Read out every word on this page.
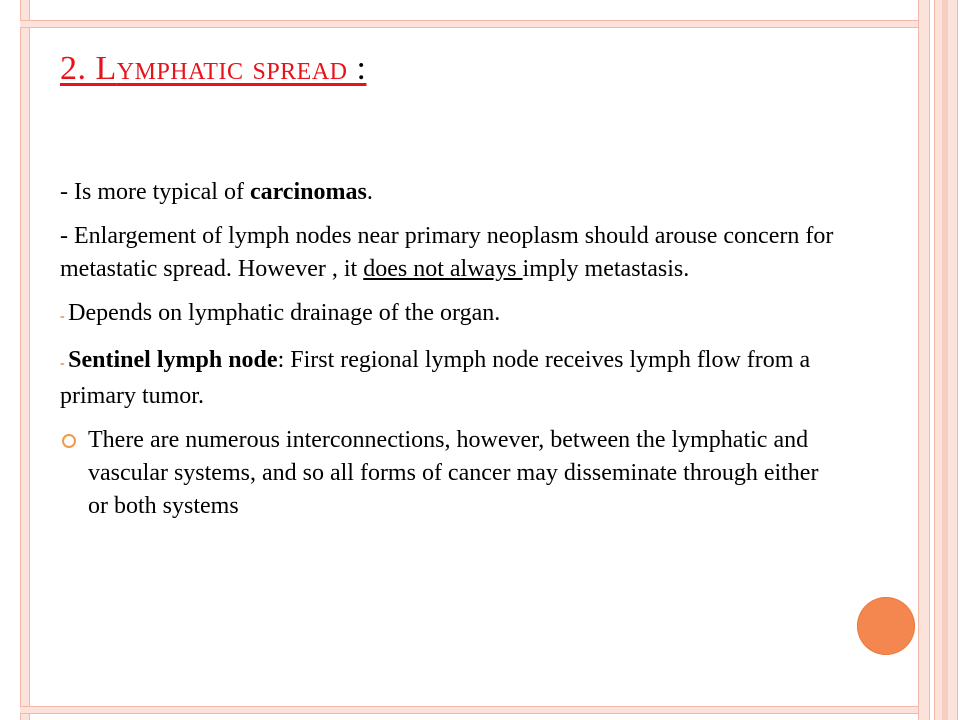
2. Lymphatic spread :

- Is more typical of carcinomas.

- Enlargement of lymph nodes near primary neoplasm should arouse concern for metastatic spread. However , it does not always imply metastasis.

- Depends on lymphatic drainage of the organ.

- Sentinel lymph node: First regional lymph node receives lymph flow from a primary tumor.

There are numerous interconnections, however, between the lymphatic and vascular systems, and so all forms of cancer may disseminate through either or both systems
